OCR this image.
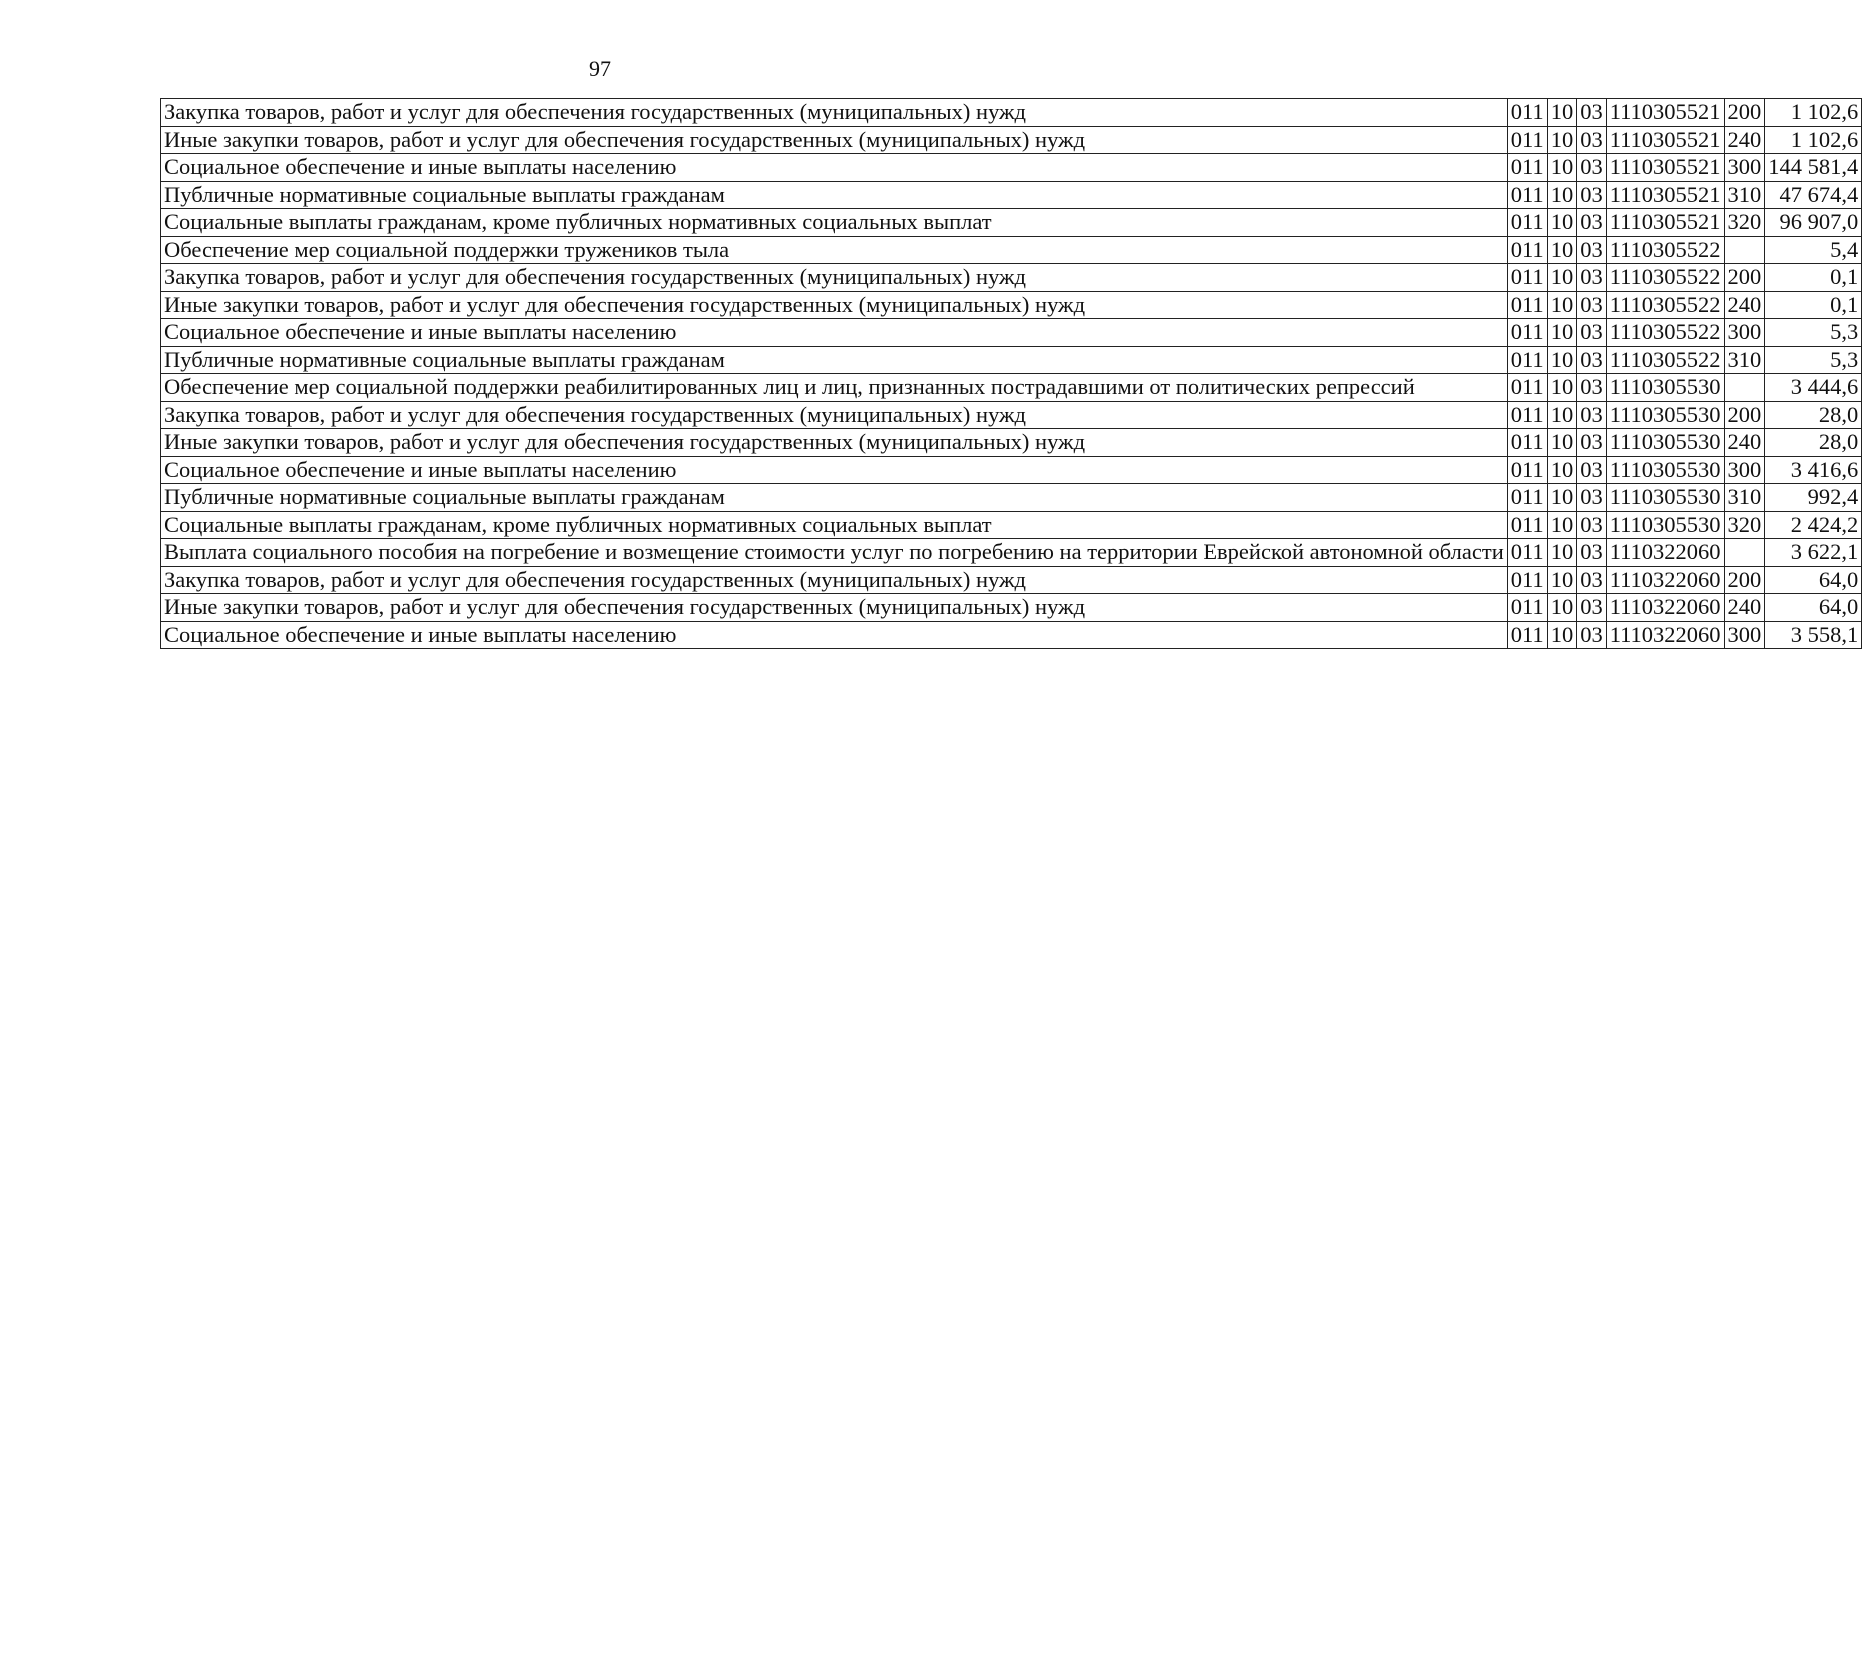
97
Закупка товаров, работ и услуг для обеспечения государственных (муниципальных) нужд	011	10	03	1110305521	200	1 102,6
Иные закупки товаров, работ и услуг для обеспечения государственных (муниципальных) нужд	011	10	03	1110305521	240	1 102,6
Социальное обеспечение и иные выплаты населению	011	10	03	1110305521	300	144 581,4
Публичные нормативные социальные выплаты гражданам	011	10	03	1110305521	310	47 674,4
Социальные выплаты гражданам, кроме публичных нормативных социальных выплат	011	10	03	1110305521	320	96 907,0
Обеспечение мер социальной поддержки тружеников тыла	011	10	03	1110305522		5,4
Закупка товаров, работ и услуг для обеспечения государственных (муниципальных) нужд	011	10	03	1110305522	200	0,1
Иные закупки товаров, работ и услуг для обеспечения государственных (муниципальных) нужд	011	10	03	1110305522	240	0,1
Социальное обеспечение и иные выплаты населению	011	10	03	1110305522	300	5,3
Публичные нормативные социальные выплаты гражданам	011	10	03	1110305522	310	5,3
Обеспечение мер социальной поддержки реабилитированных лиц и лиц, признанных пострадавшими от политических репрессий	011	10	03	1110305530		3 444,6
Закупка товаров, работ и услуг для обеспечения государственных (муниципальных) нужд	011	10	03	1110305530	200	28,0
Иные закупки товаров, работ и услуг для обеспечения государственных (муниципальных) нужд	011	10	03	1110305530	240	28,0
Социальное обеспечение и иные выплаты населению	011	10	03	1110305530	300	3 416,6
Публичные нормативные социальные выплаты гражданам	011	10	03	1110305530	310	992,4
Социальные выплаты гражданам, кроме публичных нормативных социальных выплат	011	10	03	1110305530	320	2 424,2
Выплата социального пособия на погребение и возмещение стоимости услуг по погребению на территории Еврейской автономной области	011	10	03	1110322060		3 622,1
Закупка товаров, работ и услуг для обеспечения государственных (муниципальных) нужд	011	10	03	1110322060	200	64,0
Иные закупки товаров, работ и услуг для обеспечения государственных (муниципальных) нужд	011	10	03	1110322060	240	64,0
Социальное обеспечение и иные выплаты населению	011	10	03	1110322060	300	3 558,1
